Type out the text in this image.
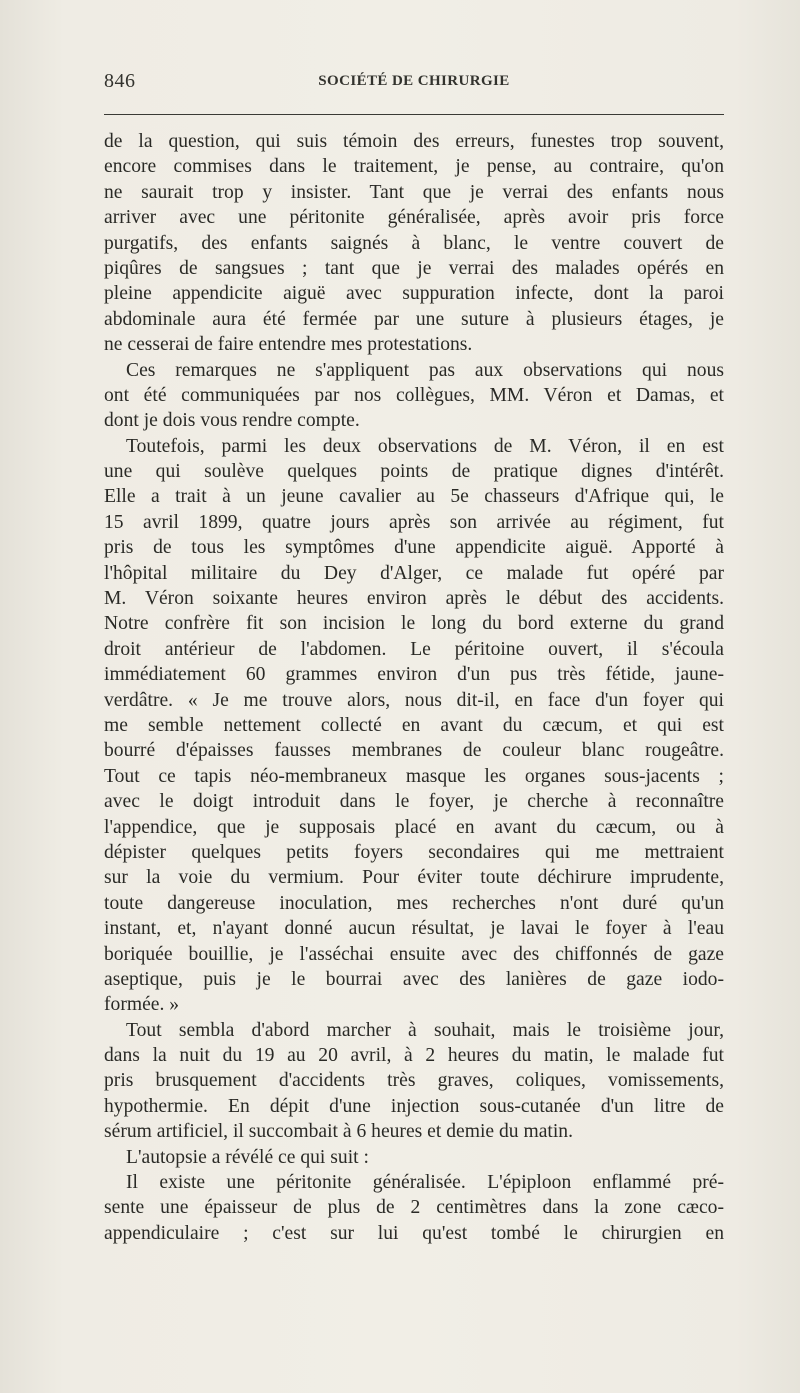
846	SOCIÉTÉ DE CHIRURGIE
de la question, qui suis témoin des erreurs, funestes trop souvent,
encore commises dans le traitement, je pense, au contraire, qu'on
ne saurait trop y insister. Tant que je verrai des enfants nous
arriver avec une péritonite généralisée, après avoir pris force
purgatifs, des enfants saignés à blanc, le ventre couvert de
piqûres de sangsues ; tant que je verrai des malades opérés en
pleine appendicite aiguë avec suppuration infecte, dont la paroi
abdominale aura été fermée par une suture à plusieurs étages, je
ne cesserai de faire entendre mes protestations.
Ces remarques ne s'appliquent pas aux observations qui nous
ont été communiquées par nos collègues, MM. Véron et Damas, et
dont je dois vous rendre compte.
Toutefois, parmi les deux observations de M. Véron, il en est
une qui soulève quelques points de pratique dignes d'intérêt.
Elle a trait à un jeune cavalier au 5e chasseurs d'Afrique qui, le
15 avril 1899, quatre jours après son arrivée au régiment, fut
pris de tous les symptômes d'une appendicite aiguë. Apporté à
l'hôpital militaire du Dey d'Alger, ce malade fut opéré par
M. Véron soixante heures environ après le début des accidents.
Notre confrère fit son incision le long du bord externe du grand
droit antérieur de l'abdomen. Le péritoine ouvert, il s'écoula
immédiatement 60 grammes environ d'un pus très fétide, jaune-
verdâtre. « Je me trouve alors, nous dit-il, en face d'un foyer qui
me semble nettement collecté en avant du cæcum, et qui est
bourré d'épaisses fausses membranes de couleur blanc rougeâtre.
Tout ce tapis néo-membraneux masque les organes sous-jacents ;
avec le doigt introduit dans le foyer, je cherche à reconnaître
l'appendice, que je supposais placé en avant du cæcum, ou à
dépister quelques petits foyers secondaires qui me mettraient
sur la voie du vermium. Pour éviter toute déchirure imprudente,
toute dangereuse inoculation, mes recherches n'ont duré qu'un
instant, et, n'ayant donné aucun résultat, je lavai le foyer à l'eau
boriquée bouillie, je l'asséchai ensuite avec des chiffonnés de gaze
aseptique, puis je le bourrai avec des lanières de gaze iodo-
formée. »
Tout sembla d'abord marcher à souhait, mais le troisième jour,
dans la nuit du 19 au 20 avril, à 2 heures du matin, le malade fut
pris brusquement d'accidents très graves, coliques, vomissements,
hypothermie. En dépit d'une injection sous-cutanée d'un litre de
sérum artificiel, il succombait à 6 heures et demie du matin.
L'autopsie a révélé ce qui suit :
Il existe une péritonite généralisée. L'épiploon enflammé pré-
sente une épaisseur de plus de 2 centimètres dans la zone cæco-
appendiculaire ; c'est sur lui qu'est tombé le chirurgien en
